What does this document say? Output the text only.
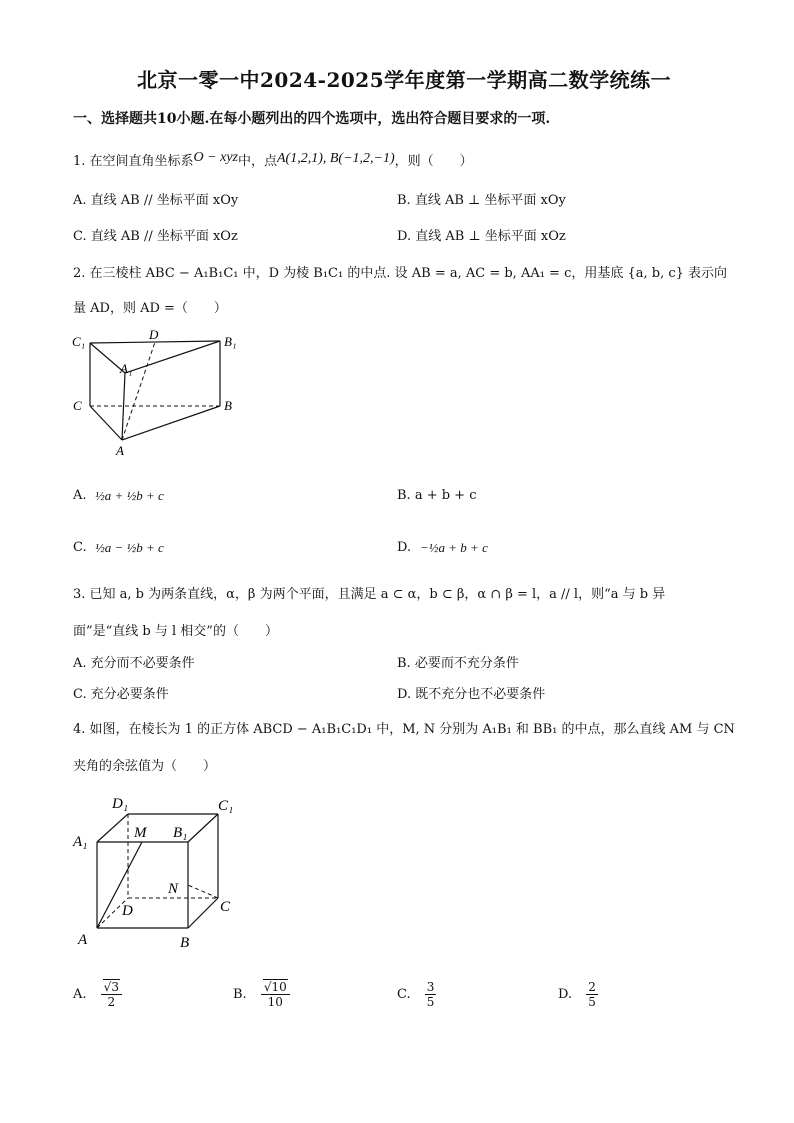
北京一零一中2024-2025学年度第一学期高二数学统练一
一、选择题共10小题.在每小题列出的四个选项中，选出符合题目要求的一项.
1. 在空间直角坐标系O − xyz中，点A(1,2,1), B(−1,2,−1)，则（　　）
A. 直线 AB // 坐标平面 xOy	B. 直线 AB ⊥ 坐标平面 xOy
C. 直线 AB // 坐标平面 xOz	D. 直线 AB ⊥ 坐标平面 xOz
2. 在三棱柱 ABC − A₁B₁C₁ 中，D 为棱 B₁C₁ 的中点. 设 AB = a, AC = b, AA₁ = c，用基底 {a, b, c} 表示向
量 AD，则 AD =（　　）
C₁	D	B₁
A₁
C	B
A
A. ½a + ½b + c	B. a + b + c
C. ½a − ½b + c	D. −½a + b + c
3. 已知 a, b 为两条直线，α，β 为两个平面，且满足 a ⊂ α，b ⊂ β，α ∩ β = l，a // l，则“a 与 b 异
面”是“直线 b 与 l 相交”的（　　）
A. 充分而不必要条件	B. 必要而不充分条件
C. 充分必要条件	D. 既不充分也不必要条件
4. 如图，在棱长为 1 的正方体 ABCD − A₁B₁C₁D₁ 中，M, N 分别为 A₁B₁ 和 BB₁ 的中点，那么直线 AM 与 CN
夹角的余弦值为（　　）
D₁	C₁
A₁
M B₁
N
D	C
A	B
A. $\frac{√3}{2}$	B. $\frac{√10}{10}$	C. $\frac{3}{5}$	D. $\frac{2}{5}$
